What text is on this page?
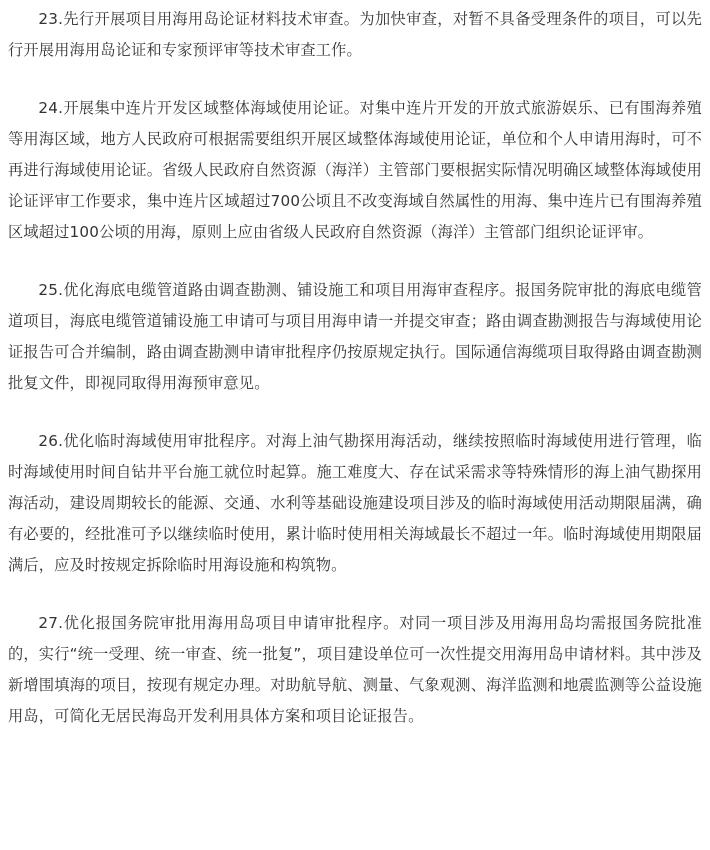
23.先行开展项目用海用岛论证材料技术审查。为加快审查，对暂不具备受理条件的项目，可以先行开展用海用岛论证和专家预评审等技术审查工作。

24.开展集中连片开发区域整体海域使用论证。对集中连片开发的开放式旅游娱乐、已有围海养殖等用海区域，地方人民政府可根据需要组织开展区域整体海域使用论证，单位和个人申请用海时，可不再进行海域使用论证。省级人民政府自然资源（海洋）主管部门要根据实际情况明确区域整体海域使用论证评审工作要求，集中连片区域超过700公顷且不改变海域自然属性的用海、集中连片已有围海养殖区域超过100公顷的用海，原则上应由省级人民政府自然资源（海洋）主管部门组织论证评审。

25.优化海底电缆管道路由调查勘测、铺设施工和项目用海审查程序。报国务院审批的海底电缆管道项目，海底电缆管道铺设施工申请可与项目用海申请一并提交审查；路由调查勘测报告与海域使用论证报告可合并编制，路由调查勘测申请审批程序仍按原规定执行。国际通信海缆项目取得路由调查勘测批复文件，即视同取得用海预审意见。

26.优化临时海域使用审批程序。对海上油气勘探用海活动，继续按照临时海域使用进行管理，临时海域使用时间自钻井平台施工就位时起算。施工难度大、存在试采需求等特殊情形的海上油气勘探用海活动，建设周期较长的能源、交通、水利等基础设施建设项目涉及的临时海域使用活动期限届满，确有必要的，经批准可予以继续临时使用，累计临时使用相关海域最长不超过一年。临时海域使用期限届满后，应及时按规定拆除临时用海设施和构筑物。

27.优化报国务院审批用海用岛项目申请审批程序。对同一项目涉及用海用岛均需报国务院批准的，实行“统一受理、统一审查、统一批复”，项目建设单位可一次性提交用海用岛申请材料。其中涉及新增围填海的项目，按现有规定办理。对助航导航、测量、气象观测、海洋监测和地震监测等公益设施用岛，可简化无居民海岛开发利用具体方案和项目论证报告。
